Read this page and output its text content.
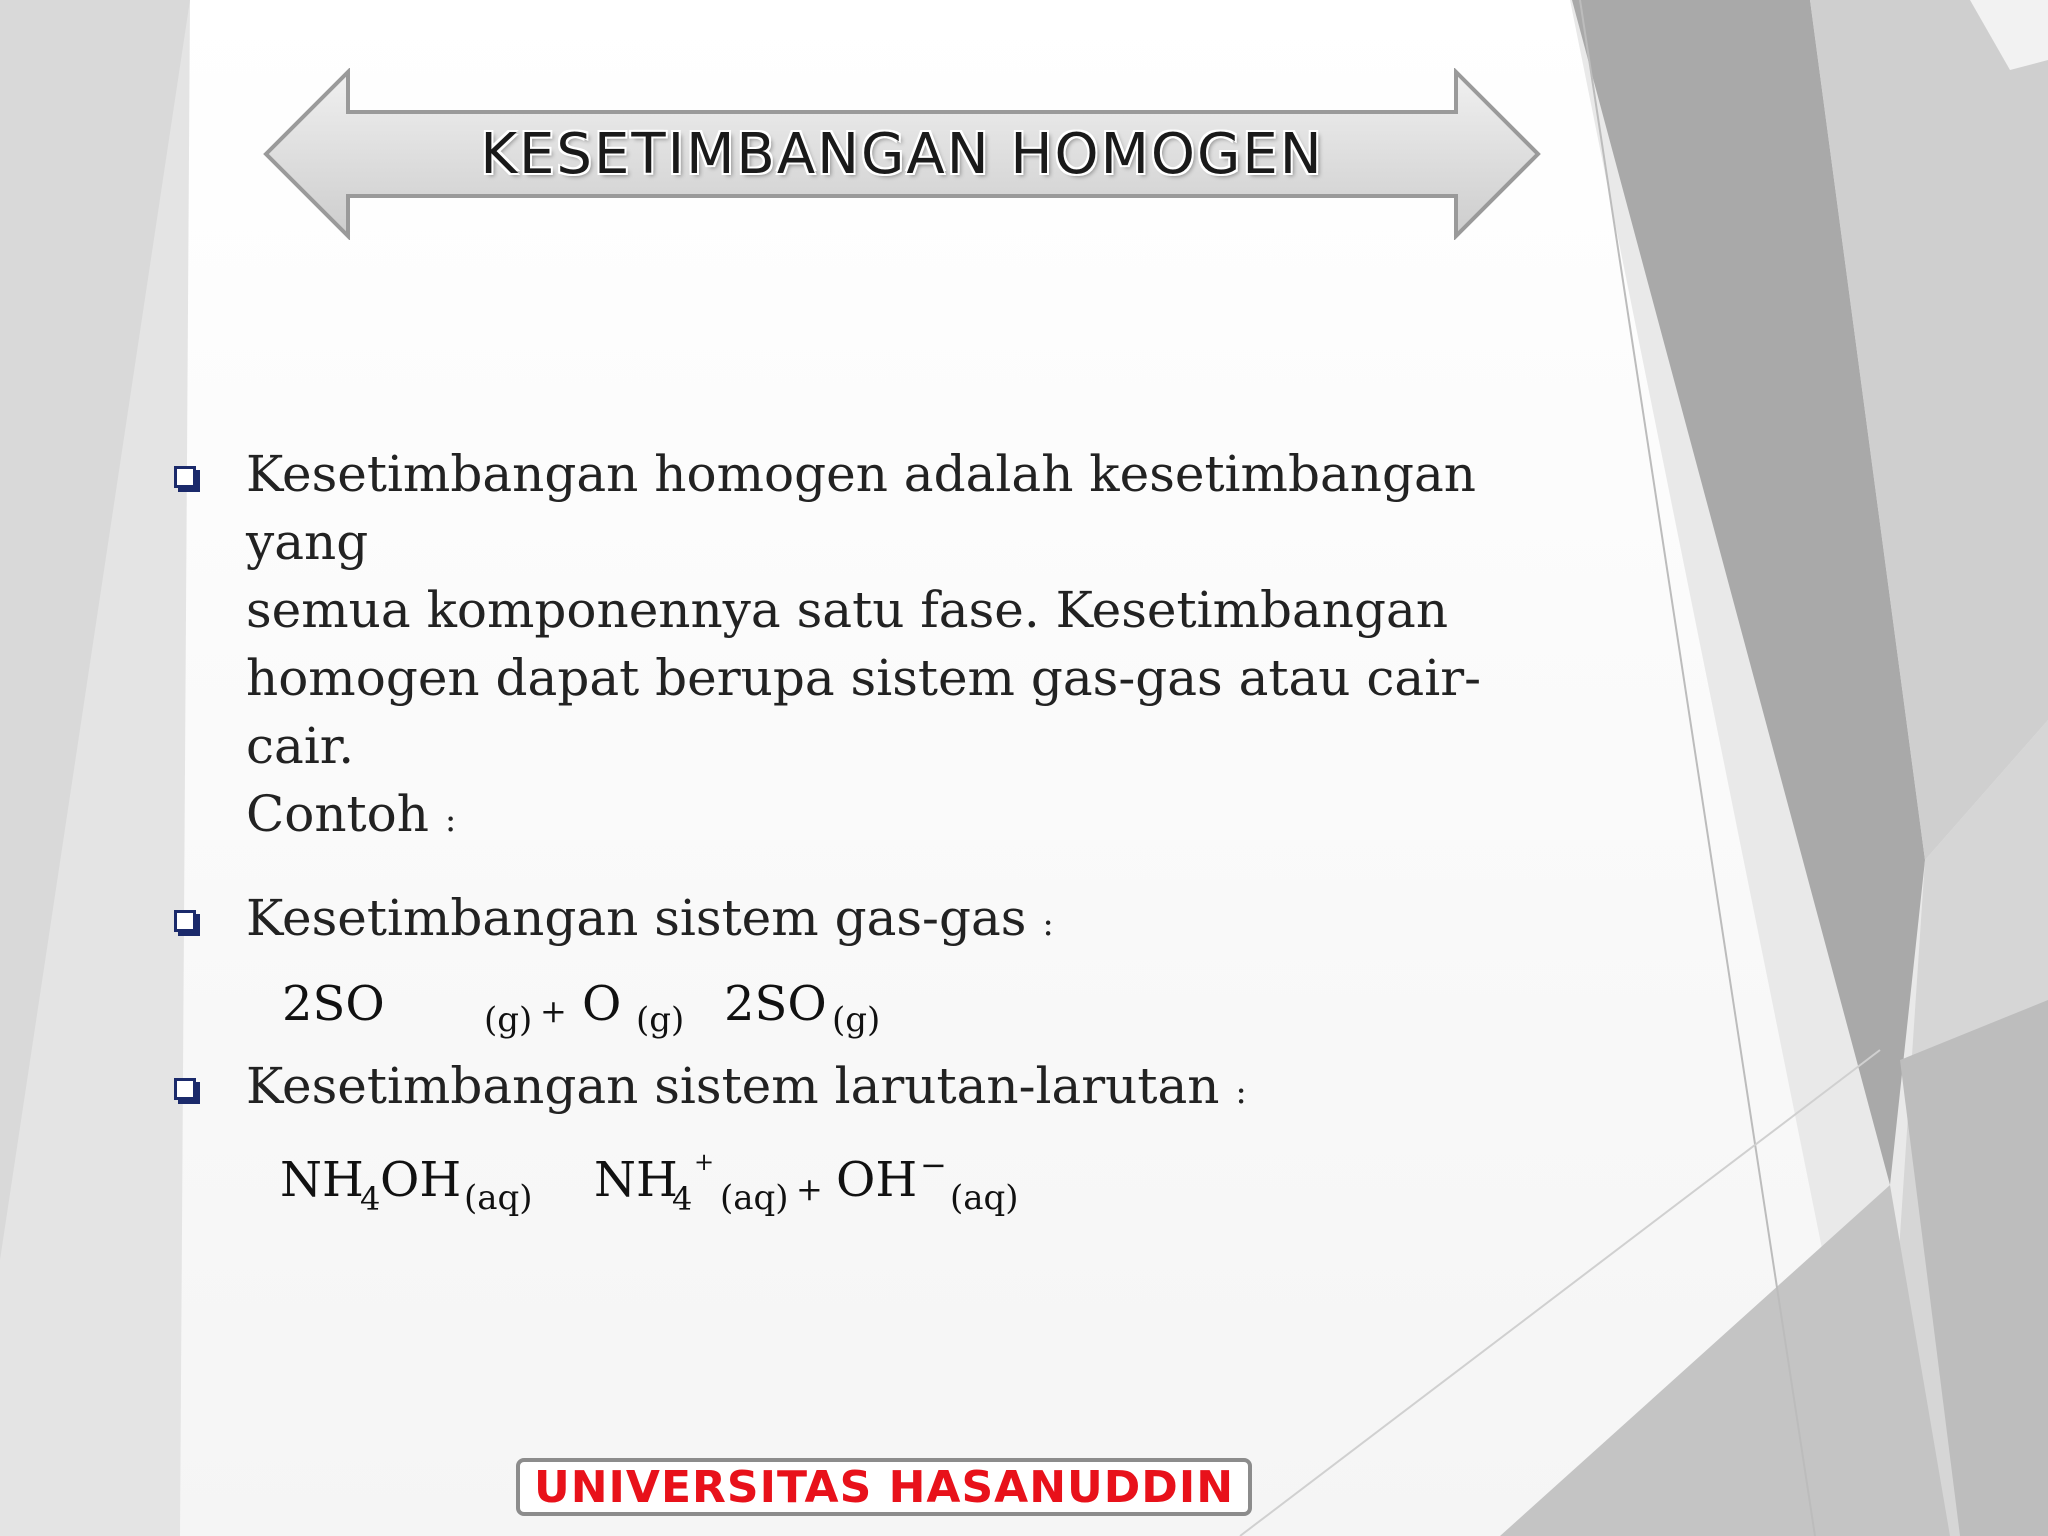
KESETIMBANGAN HOMOGEN
Kesetimbangan homogen adalah kesetimbangan yang
semua komponennya satu fase. Kesetimbangan
homogen dapat berupa sistem gas-gas atau cair-cair.
Contoh :
Kesetimbangan sistem gas-gas :
2SO	(g) + O (g) 2SO (g)
Kesetimbangan sistem larutan-larutan :
NH
4 OH (aq) NH
4
+
(aq) + OH −
(aq)
UNIVERSITAS HASANUDDIN
